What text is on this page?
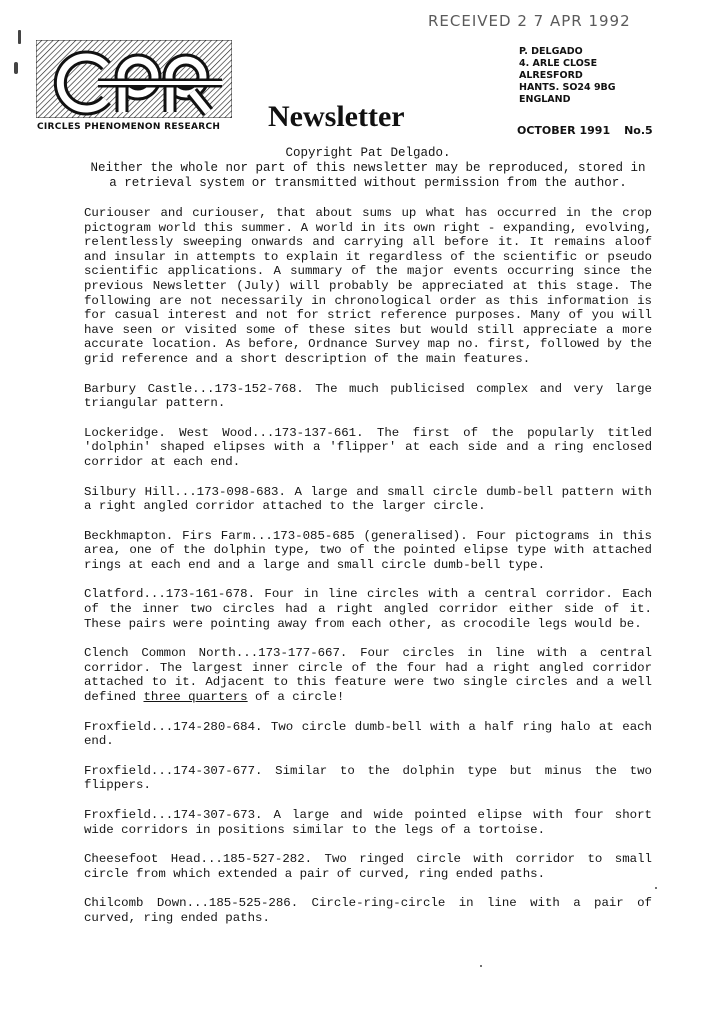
RECEIVED 2 7 APR 1992
CIRCLES PHENOMENON RESEARCH Newsletter
P. DELGADO
4. ARLE CLOSE
ALRESFORD
HANTS. SO24 9BG
ENGLAND
OCTOBER 1991 No.5
Copyright Pat Delgado.
Neither the whole nor part of this newsletter may be reproduced, stored in a retrieval system or transmitted without permission from the author.

Curiouser and curiouser, that about sums up what has occurred in the crop pictogram world this summer. A world in its own right - expanding, evolving, relentlessly sweeping onwards and carrying all before it. It remains aloof and insular in attempts to explain it regardless of the scientific or pseudo scientific applications. A summary of the major events occurring since the previous Newsletter (July) will probably be appreciated at this stage. The following are not necessarily in chronological order as this information is for casual interest and not for strict reference purposes. Many of you will have seen or visited some of these sites but would still appreciate a more accurate location. As before, Ordnance Survey map no. first, followed by the grid reference and a short description of the main features.

Barbury Castle...173-152-768. The much publicised complex and very large triangular pattern.

Lockeridge. West Wood...173-137-661. The first of the popularly titled 'dolphin' shaped elipses with a 'flipper' at each side and a ring enclosed corridor at each end.

Silbury Hill...173-098-683. A large and small circle dumb-bell pattern with a right angled corridor attached to the larger circle.

Beckhmapton. Firs Farm...173-085-685 (generalised). Four pictograms in this area, one of the dolphin type, two of the pointed elipse type with attached rings at each end and a large and small circle dumb-bell type.

Clatford...173-161-678. Four in line circles with a central corridor. Each of the inner two circles had a right angled corridor either side of it. These pairs were pointing away from each other, as crocodile legs would be.

Clench Common North...173-177-667. Four circles in line with a central corridor. The largest inner circle of the four had a right angled corridor attached to it. Adjacent to this feature were two single circles and a well defined three quarters of a circle!

Froxfield...174-280-684. Two circle dumb-bell with a half ring halo at each end.

Froxfield...174-307-677. Similar to the dolphin type but minus the two flippers.

Froxfield...174-307-673. A large and wide pointed elipse with four short wide corridors in positions similar to the legs of a tortoise.

Cheesefoot Head...185-527-282. Two ringed circle with corridor to small circle from which extended a pair of curved, ring ended paths.

Chilcomb Down...185-525-286. Circle-ring-circle in line with a pair of curved, ring ended paths.
